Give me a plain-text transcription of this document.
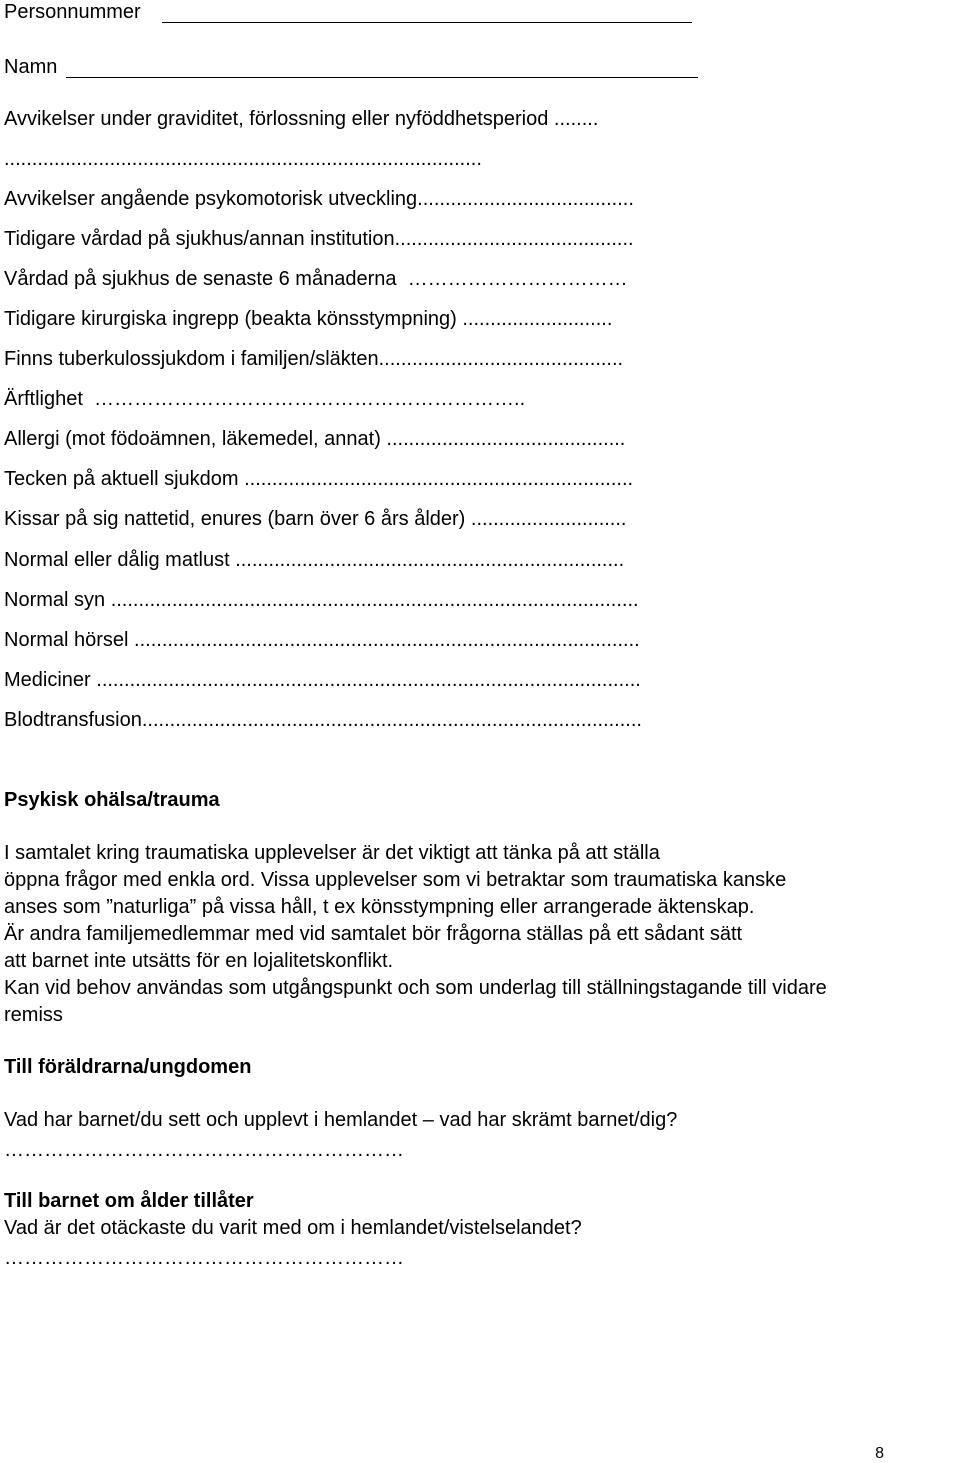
Personnummer
Namn
Avvikelser under graviditet, förlossning eller nyföddhetsperiod ........
......................................................................................
Avvikelser angående psykomotorisk utveckling.......................................
Tidigare vårdad på sjukhus/annan institution...........................................
Vårdad på sjukhus de senaste 6 månaderna  ……………………………
Tidigare kirurgiska ingrepp (beakta könsstympning) ...........................
Finns tuberkulossjukdom i familjen/släkten............................................
Ärftlighet  ………………………………………………………..
Allergi (mot födoämnen, läkemedel, annat) ...........................................
Tecken på aktuell sjukdom ......................................................................
Kissar på sig nattetid, enures (barn över 6 års ålder) ............................
Normal eller dålig matlust ......................................................................
Normal syn ...............................................................................................
Normal hörsel ...........................................................................................
Mediciner ..................................................................................................
Blodtransfusion..........................................................................................
Psykisk ohälsa/trauma
I samtalet kring traumatiska upplevelser är det viktigt att tänka på att ställa
öppna frågor med enkla ord. Vissa upplevelser som vi betraktar som traumatiska kanske
anses som ”naturliga” på vissa håll, t ex könsstympning eller arrangerade äktenskap.
Är andra familjemedlemmar med vid samtalet bör frågorna ställas på ett sådant sätt
att barnet inte utsätts för en lojalitetskonflikt.
Kan vid behov användas som utgångspunkt och som underlag till ställningstagande till vidare
remiss
Till föräldrarna/ungdomen
Vad har barnet/du sett och upplevt i hemlandet – vad har skrämt barnet/dig?
……………………………………………………
Till barnet om ålder tillåter
Vad är det otäckaste du varit med om i hemlandet/vistelselandet?
……………………………………………………
8
